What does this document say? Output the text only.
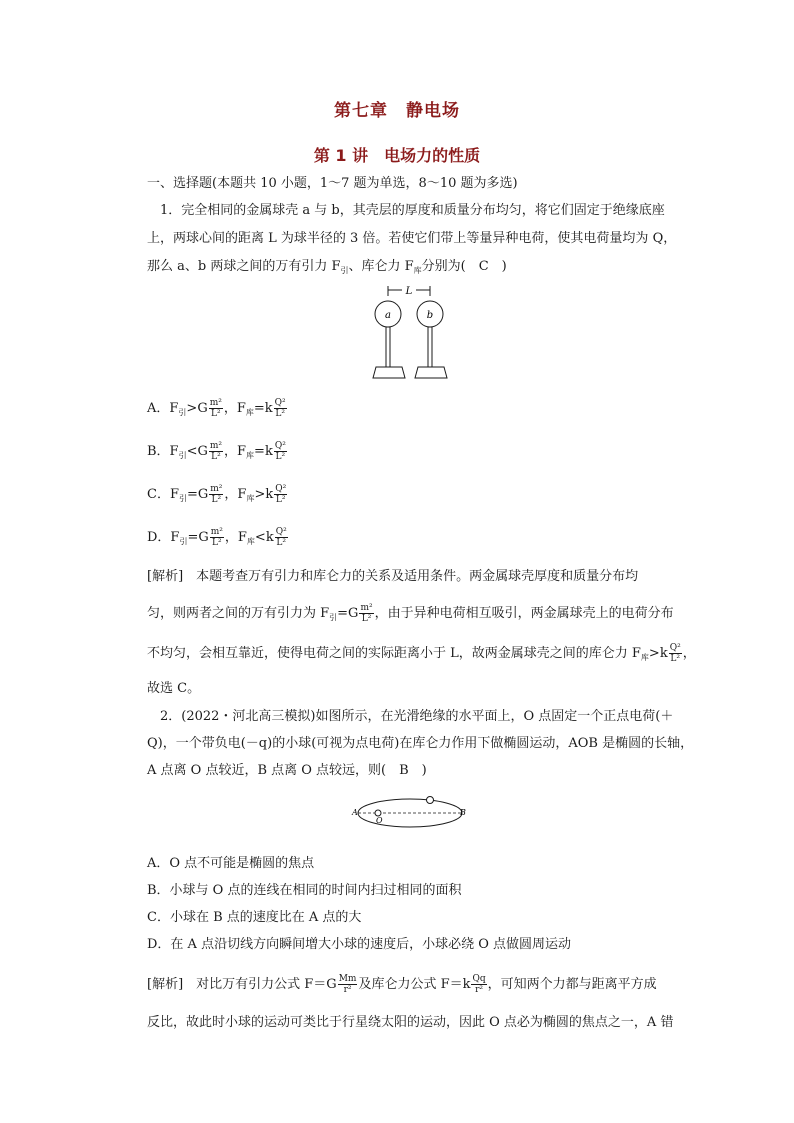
第七章　静电场
第 1 讲　电场力的性质
一、选择题(本题共 10 小题，1～7 题为单选，8～10 题为多选)
1．完全相同的金属球壳 a 与 b，其壳层的厚度和质量分布均匀，将它们固定于绝缘底座
上，两球心间的距离 L 为球半径的 3 倍。若使它们带上等量异种电荷，使其电荷量均为 Q，
那么 a、b 两球之间的万有引力 $F_引$、库仑力 $F_库$分别为(　C　)
L
a	b
A．$F_引>G \frac{\text{m²}}{\text{L²}}$ ，$F_库=k \frac{\text{Q²}}{\text{L²}}$
B．$F_引<G \frac{\text{m²}}{\text{L²}}$ ，$F_库=k \frac{\text{Q²}}{\text{L²}}$
C．$F_引=G \frac{\text{m²}}{\text{L²}}$ ，$F_库>k \frac{\text{Q²}}{\text{L²}}$
D．$F_引=G \frac{\text{m²}}{\text{L²}}$ ，$F_库<k \frac{\text{Q²}}{\text{L²}}$
[解析]　本题考查万有引力和库仑力的关系及适用条件。两金属球壳厚度和质量分布均
匀，则两者之间的万有引力为 $F_引=G \frac{\text{m²}}{\text{L²}}$ ，由于异种电荷相互吸引，两金属球壳上的电荷分布
不均匀，会相互靠近，使得电荷之间的实际距离小于 L，故两金属球壳之间的库仑力 $F_库>k \frac{\text{Q²}}{\text{L²}}$ ，
故选 C。
2．(2022・河北高三模拟)如图所示，在光滑绝缘的水平面上，O 点固定一个正点电荷(＋
Q)，一个带负电(－q)的小球(可视为点电荷)在库仑力作用下做椭圆运动，AOB 是椭圆的长轴，
A 点离 O 点较近，B 点离 O 点较远，则(　B　)
A
O
B
A．O 点不可能是椭圆的焦点
B．小球与 O 点的连线在相同的时间内扫过相同的面积
C．小球在 B 点的速度比在 A 点的大
D．在 A 点沿切线方向瞬间增大小球的速度后，小球必绕 O 点做圆周运动
[解析]　对比万有引力公式 $F=G \frac{Mm}{\text{r²}}$ 及库仑力公式 $F=k \frac{Qq}{\text{r²}}$ ，可知两个力都与距离平方成
反比，故此时小球的运动可类比于行星绕太阳的运动，因此 O 点必为椭圆的焦点之一，A 错
